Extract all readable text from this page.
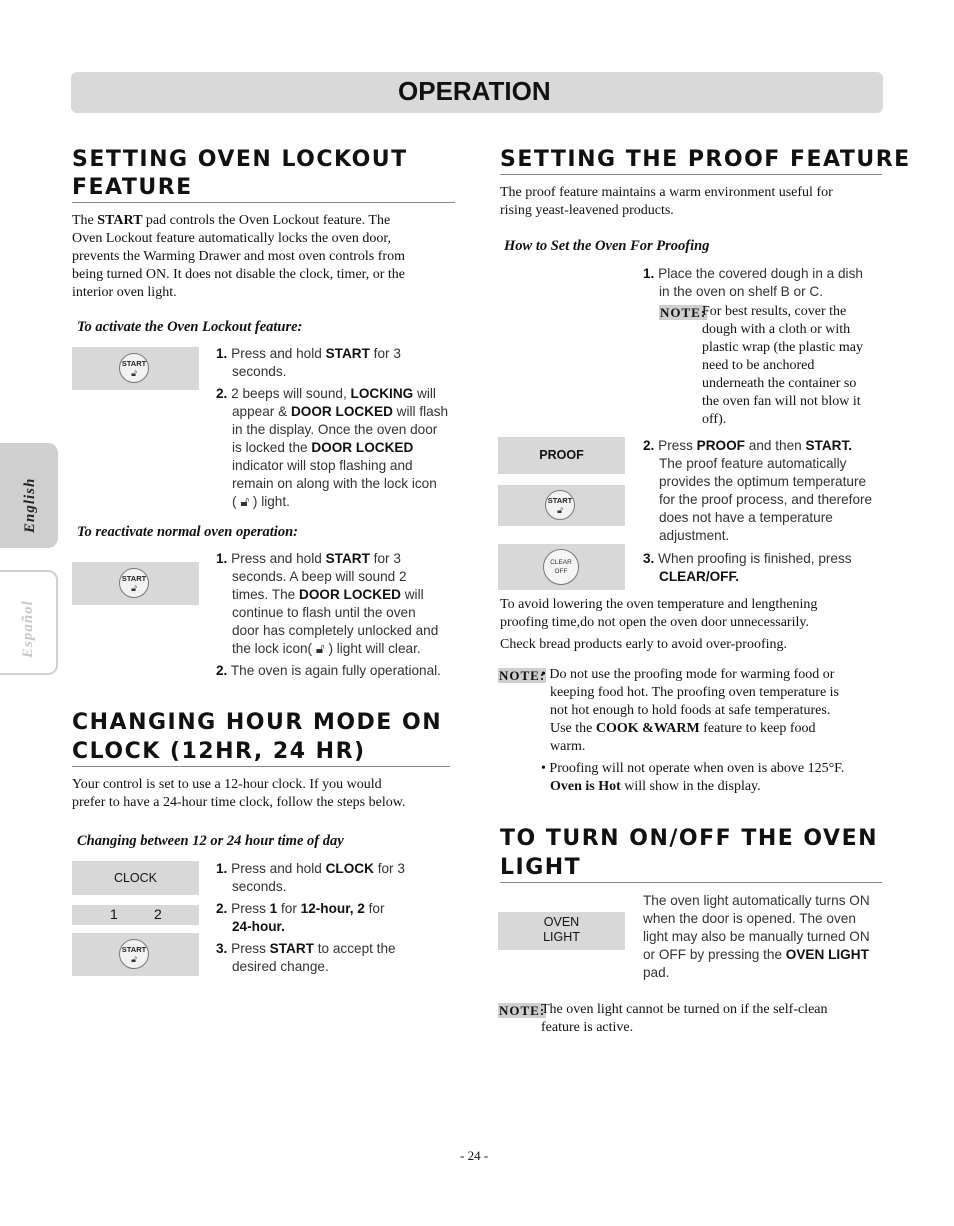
OPERATION
English
Español
SETTING OVEN LOCKOUT
FEATURE
The START pad controls the Oven Lockout feature. The
Oven Lockout feature automatically locks the oven door,
prevents the Warming Drawer and most oven controls from
being turned ON. It does not disable the clock, timer, or the
interior oven light.
To activate the Oven Lockout feature:
START
🔓︎
1. Press and hold START for 3
seconds.
2. 2 beeps will sound, LOCKING will
appear & DOOR LOCKED will flash
in the display. Once the oven door
is locked the DOOR LOCKED
indicator will stop flashing and
remain on along with the lock icon
( 🔓︎ ) light.
To reactivate normal oven operation:
START
🔓︎
1. Press and hold START for 3
seconds. A beep will sound 2
times. The DOOR LOCKED will
continue to flash until the oven
door has completely unlocked and
the lock icon( 🔓︎ ) light will clear.
2. The oven is again fully operational.
CHANGING HOUR MODE ON
CLOCK (12HR, 24 HR)
Your control is set to use a 12-hour clock. If you would
prefer to have a 24-hour time clock, follow the steps below.
Changing between 12 or 24 hour time of day
CLOCK
1	2
START
🔓︎
1. Press and hold CLOCK for 3
seconds.
2. Press 1 for 12-hour, 2 for
24-hour.
3. Press START to accept the
desired change.
SETTING THE PROOF FEATURE
The proof feature maintains a warm environment useful for
rising yeast-leavened products.
How to Set the Oven For Proofing
1. Place the covered dough in a dish
in the oven on shelf B or C.
NOTE:
For best results, cover the
dough with a cloth or with
plastic wrap (the plastic may
need to be anchored
underneath the container so
the oven fan will not blow it
off).
PROOF
START
🔓︎
CLEAR
OFF
2. Press PROOF and then START.
The proof feature automatically
provides the optimum temperature
for the proof process, and therefore
does not have a temperature
adjustment.
3. When proofing is finished, press
CLEAR/OFF.
To avoid lowering the oven temperature and lengthening
proofing time,do not open the oven door unnecessarily.
Check bread products early to avoid over-proofing.
NOTE:
• Do not use the proofing mode for warming food or
keeping food hot. The proofing oven temperature is
not hot enough to hold foods at safe temperatures.
Use the COOK &WARM feature to keep food
warm.
• Proofing will not operate when oven is above 125°F.
Oven is Hot will show in the display.
TO TURN ON/OFF THE OVEN
LIGHT
OVEN
LIGHT
The oven light automatically turns ON
when the door is opened. The oven
light may also be manually turned ON
or OFF by pressing the OVEN LIGHT
pad.
NOTE:
The oven light cannot be turned on if the self-clean
feature is active.
- 24 -
